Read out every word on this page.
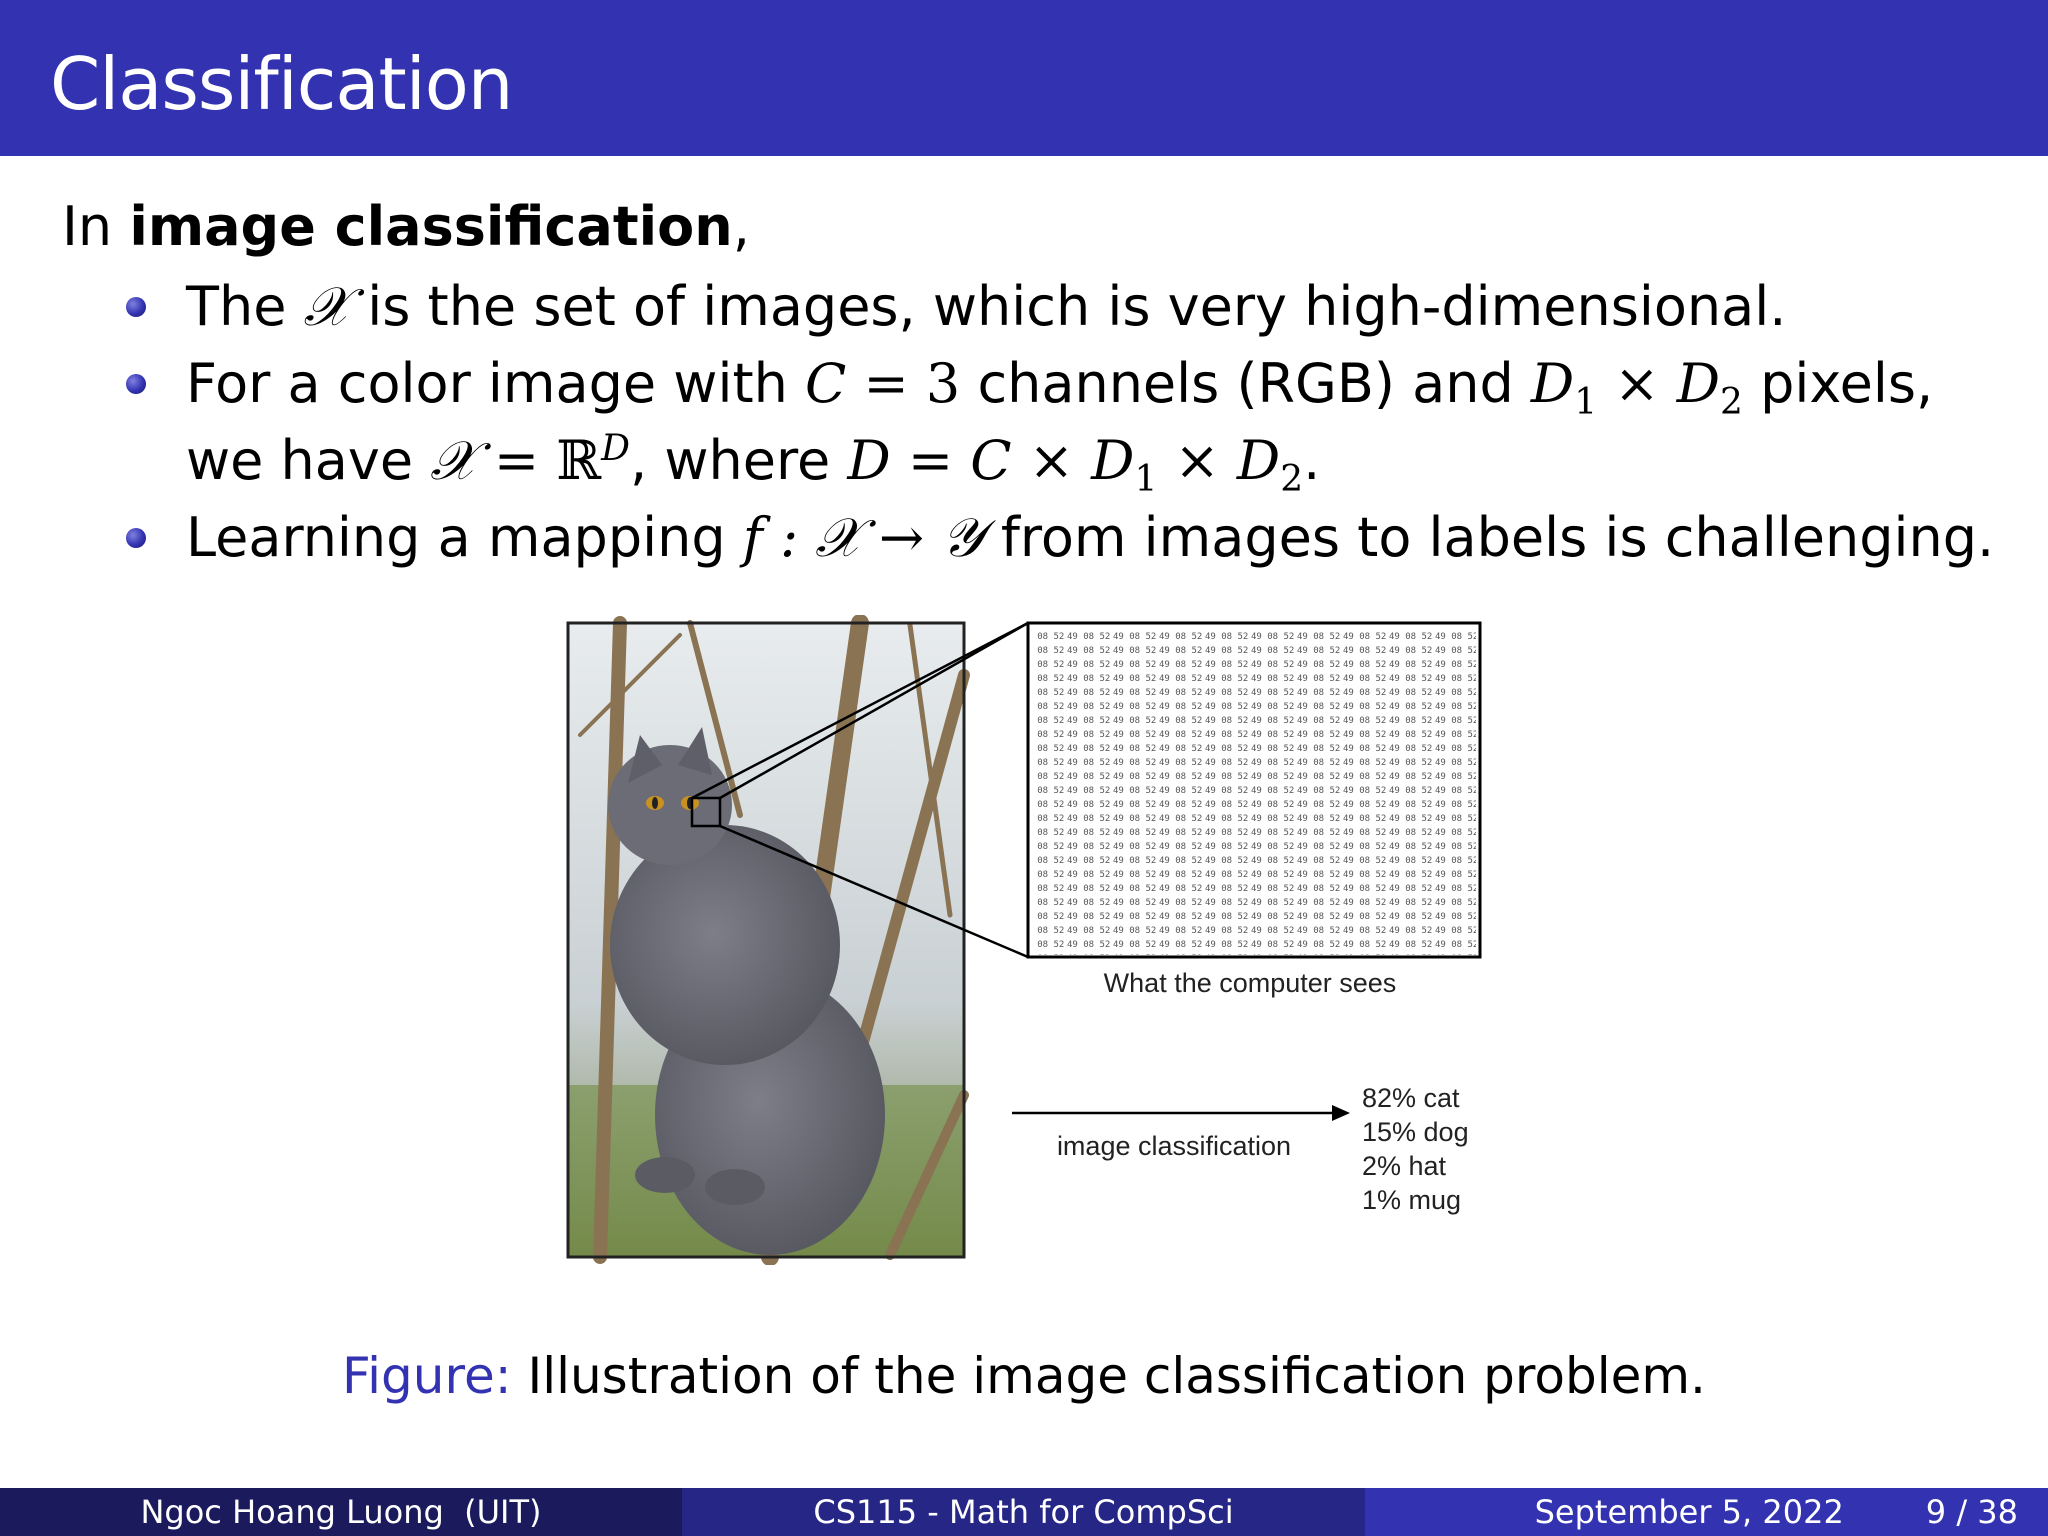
Classification
In image classification,
The 𝒳 is the set of images, which is very high-dimensional.
For a color image with C = 3 channels (RGB) and $D_1 \times D_2$ pixels,
we have 𝒳 = ℝ$^D$, where $D = C \times D_1 \times D_2$.
Learning a mapping f : 𝒳 → 𝒴 from images to labels is challenging.
What the computer sees
image classification
82% cat
15% dog
2% hat
1% mug
Figure: Illustration of the image classification problem.
Ngoc Hoang Luong  (UIT)	CS115 - Math for CompSci	September 5, 2022	9 / 38
